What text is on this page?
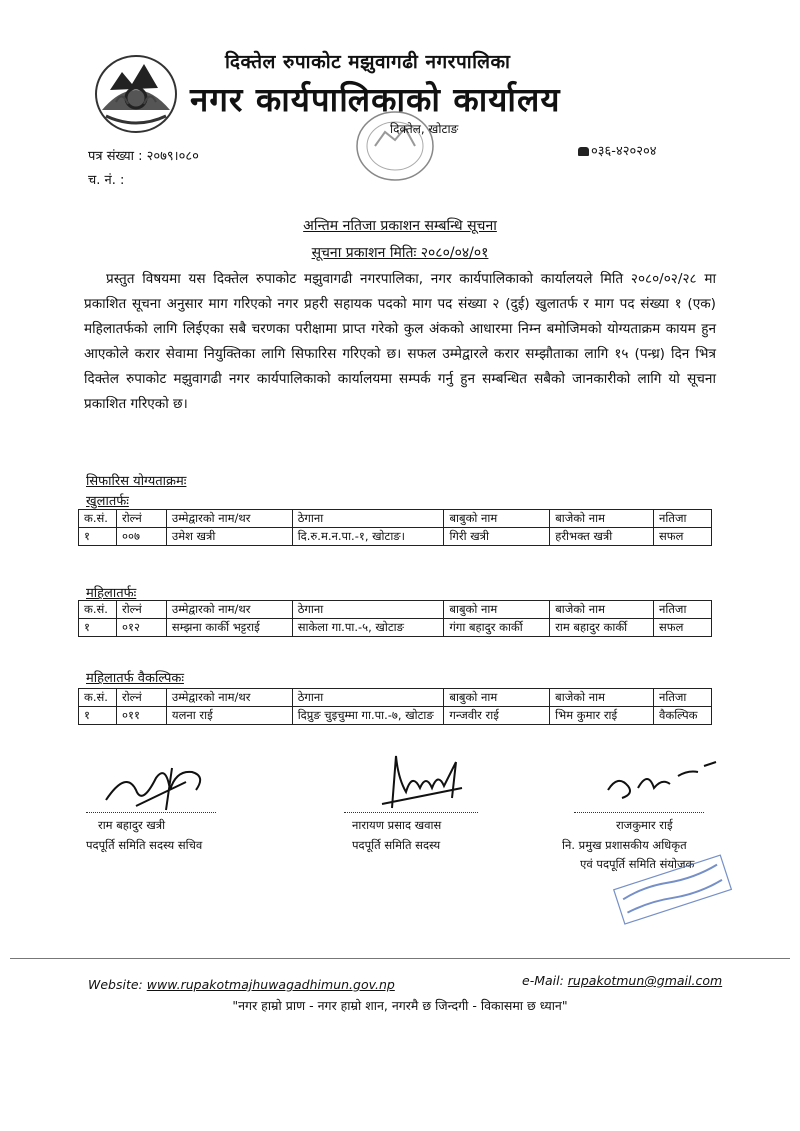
दिक्तेल रुपाकोट मझुवागढी नगरपालिका
नगर कार्यपालिकाको कार्यालय
दिक्तेल, खोटाङ
पत्र संख्या : २०७९।०८०
च. नं. :
०३६-४२०२०४
अन्तिम नतिजा प्रकाशन सम्बन्धि सूचना
सूचना प्रकाशन मितिः २०८०/०४/०१
प्रस्तुत विषयमा यस दिक्तेल रुपाकोट मझुवागढी नगरपालिका, नगर कार्यपालिकाको कार्यालयले मिति २०८०/०२/२८ मा प्रकाशित सूचना अनुसार माग गरिएको नगर प्रहरी सहायक पदको माग पद संख्या २ (दुई) खुलातर्फ र माग पद संख्या १ (एक) महिलातर्फको लागि लिईएका सबै चरणका परीक्षामा प्राप्त गरेको कुल अंकको आधारमा निम्न बमोजिमको योग्यताक्रम कायम हुन आएकोले करार सेवामा नियुक्तिका लागि सिफारिस गरिएको छ। सफल उम्मेद्वारले करार सम्झौताका लागि १५ (पन्ध्र) दिन भित्र दिक्तेल रुपाकोट मझुवागढी नगर कार्यपालिकाको कार्यालयमा सम्पर्क गर्नु हुन सम्बन्धित सबैको जानकारीको लागि यो सूचना प्रकाशित गरिएको छ।
सिफारिस योग्यताक्रमः
खुलातर्फः
क.सं.	रोल्नं	उम्मेद्वारको नाम/थर	ठेगाना	बाबुको नाम	बाजेको नाम	नतिजा
१	००७	उमेश खत्री	दि.रु.म.न.पा.-१, खोटाङ।	गिरी खत्री	हरीभक्त खत्री	सफल
महिलातर्फः
क.सं.	रोल्नं	उम्मेद्वारको नाम/थर	ठेगाना	बाबुको नाम	बाजेको नाम	नतिजा
१	०१२	सम्झना कार्की भट्टराई	साकेला गा.पा.-५, खोटाङ	गंगा बहादुर कार्की	राम बहादुर कार्की	सफल
महिलातर्फ वैकल्पिकः
क.सं.	रोल्नं	उम्मेद्वारको नाम/थर	ठेगाना	बाबुको नाम	बाजेको नाम	नतिजा
१	०११	यलना राई	दिप्रुङ चुइचुम्मा गा.पा.-७, खोटाङ	गन्जवीर राई	भिम कुमार राई	वैकल्पिक
राम बहादुर खत्री
पदपूर्ति समिति सदस्य सचिव
नारायण प्रसाद खवास
पदपूर्ति समिति सदस्य
राजकुमार राई
नि. प्रमुख प्रशासकीय अधिकृत
एवं पदपूर्ति समिति संयोजक
Website: www.rupakotmajhuwagadhimun.gov.np	e-Mail: rupakotmun@gmail.com
"नगर हाम्रो प्राण - नगर हाम्रो शान, नगरमै छ जिन्दगी - विकासमा छ ध्यान"
